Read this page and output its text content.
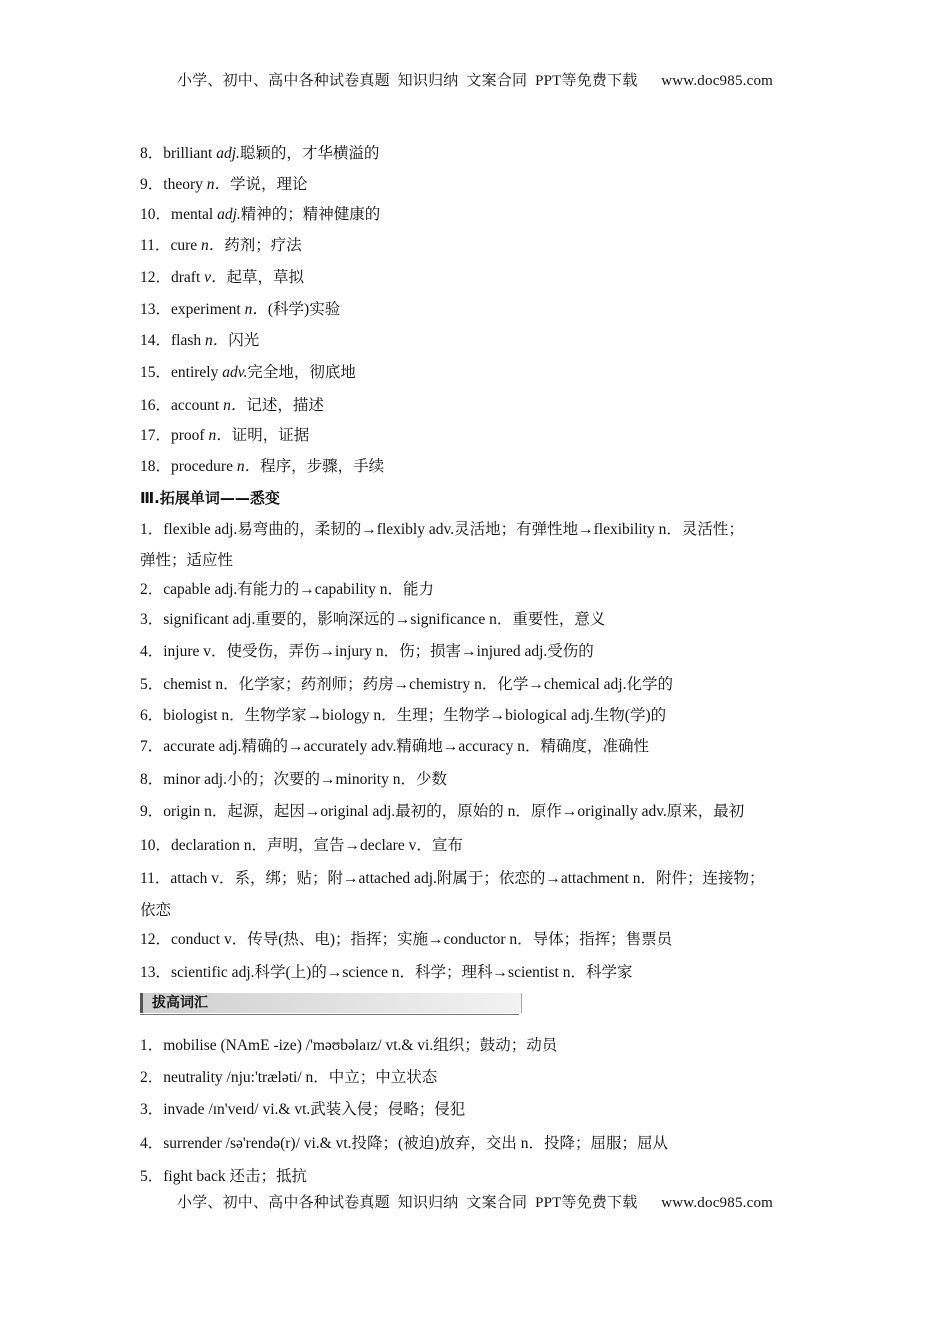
小学、初中、高中各种试卷真题  知识归纳  文案合同  PPT等免费下载      www.doc985.com
8．brilliant adj.聪颖的，才华横溢的
9．theory n．学说，理论
10．mental adj.精神的；精神健康的
11．cure n．药剂；疗法
12．draft v．起草，草拟
13．experiment n．(科学)实验
14．flash n．闪光
15．entirely adv.完全地，彻底地
16．account n．记述，描述
17．proof n．证明，证据
18．procedure n．程序，步骤，手续
Ⅲ.拓展单词——悉变
1．flexible adj.易弯曲的，柔韧的→flexibly adv.灵活地；有弹性地→flexibility n．灵活性；
弹性；适应性
2．capable adj.有能力的→capability n．能力
3．significant adj.重要的，影响深远的→significance n．重要性，意义
4．injure v．使受伤，弄伤→injury n．伤；损害→injured adj.受伤的
5．chemist n．化学家；药剂师；药房→chemistry n．化学→chemical adj.化学的
6．biologist n．生物学家→biology n．生理；生物学→biological adj.生物(学)的
7．accurate adj.精确的→accurately adv.精确地→accuracy n．精确度，准确性
8．minor adj.小的；次要的→minority n．少数
9．origin n．起源，起因→original adj.最初的，原始的 n．原作→originally adv.原来，最初
10．declaration n．声明，宣告→declare v．宣布
11．attach v．系，绑；贴；附→attached adj.附属于；依恋的→attachment n．附件；连接物；
依恋
12．conduct v．传导(热、电)；指挥；实施→conductor n．导体；指挥；售票员
13．scientific adj.科学(上)的→science n．科学；理科→scientist n．科学家
1．mobilise (NAmE -ize) /'məʊbəlaɪz/ vt.& vi.组织；鼓动；动员
2．neutrality /nju:'træləti/ n．中立；中立状态
3．invade /ɪn'veɪd/ vi.& vt.武装入侵；侵略；侵犯
4．surrender /sə'rendə(r)/ vi.& vt.投降；(被迫)放弃，交出 n．投降；屈服；屈从
5．fight back 还击；抵抗
拔高词汇
小学、初中、高中各种试卷真题  知识归纳  文案合同  PPT等免费下载      www.doc985.com
